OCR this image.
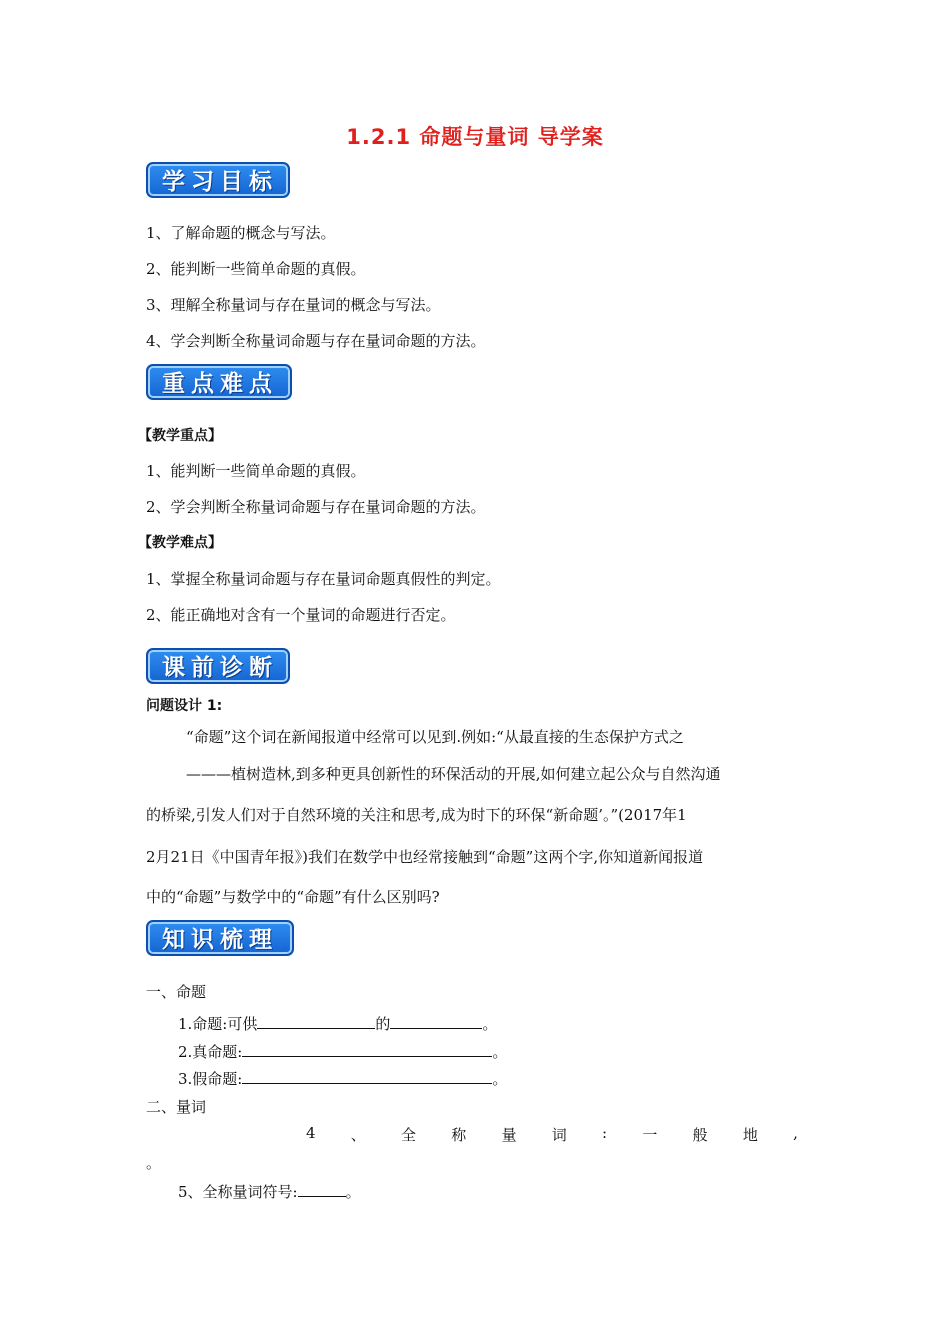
1.2.1 命题与量词 导学案
学习目标
1、了解命题的概念与写法。
2、能判断一些简单命题的真假。
3、理解全称量词与存在量词的概念与写法。
4、学会判断全称量词命题与存在量词命题的方法。
重点难点
【教学重点】
1、能判断一些简单命题的真假。
2、学会判断全称量词命题与存在量词命题的方法。
【教学难点】
1、掌握全称量词命题与存在量词命题真假性的判定。
2、能正确地对含有一个量词的命题进行否定。
课前诊断
问题设计 1:
“命题”这个词在新闻报道中经常可以见到.例如:“从最直接的生态保护方式之
———植树造林,到多种更具创新性的环保活动的开展,如何建立起公众与自然沟通
的桥梁,引发人们对于自然环境的关注和思考,成为时下的环保“新命题’。”(2017年1
2月21日《中国青年报》)我们在数学中也经常接触到“命题”这两个字,你知道新闻报道
中的“命题”与数学中的“命题”有什么区别吗?
知识梳理
一、命题
1.命题:可供	的	。
2.真命题:	。
3.假命题:	。
二、量词
4 、 全 称 量 词 : 一 般 地 ,
。
5、全称量词符号:	。
